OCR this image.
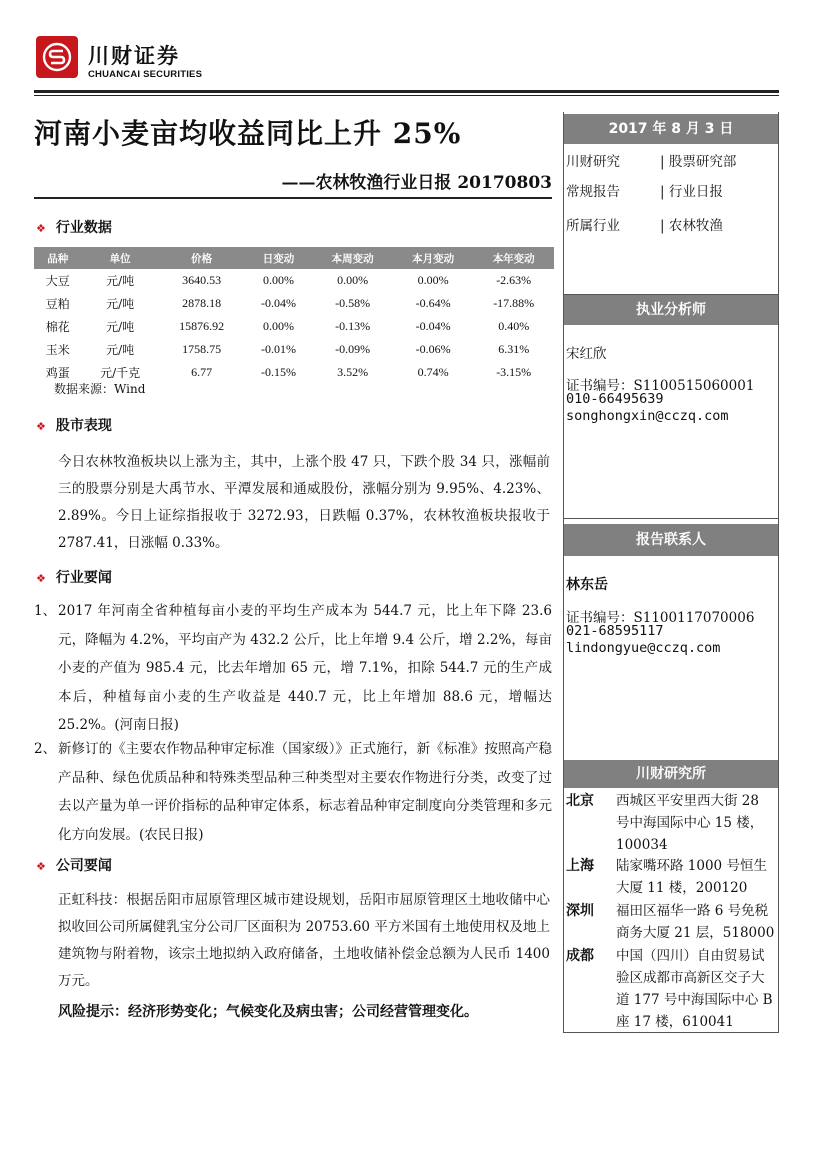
川财证券
CHUANCAI SECURITIES
河南小麦亩均收益同比上升 25%
——农林牧渔行业日报 20170803
2017 年 8 月 3 日
川财研究	| 股票研究部
常规报告	| 行业日报
所属行业	| 农林牧渔
执业分析师
宋红欣
证书编号：S1100515060001
010-66495639
songhongxin@cczq.com
报告联系人
林东岳
证书编号：S1100117070006
021-68595117
lindongyue@cczq.com
川财研究所
北京 西城区平安里西大街 28 号中海国际中心 15 楼，100034
上海 陆家嘴环路 1000 号恒生大厦 11 楼，200120
深圳 福田区福华一路 6 号免税商务大厦 21 层，518000
成都 中国（四川）自由贸易试验区成都市高新区交子大道 177 号中海国际中心 B 座 17 楼，610041
❖ 行业数据
品种	单位	价格	日变动	本周变动	本月变动	本年变动
大豆	元/吨	3640.53	0.00%	0.00%	0.00%	-2.63%
豆粕	元/吨	2878.18	-0.04%	-0.58%	-0.64%	-17.88%
棉花	元/吨	15876.92	0.00%	-0.13%	-0.04%	0.40%
玉米	元/吨	1758.75	-0.01%	-0.09%	-0.06%	6.31%
鸡蛋	元/千克	6.77	-0.15%	3.52%	0.74%	-3.15%
数据来源：Wind
❖ 股市表现
今日农林牧渔板块以上涨为主，其中，上涨个股 47 只，下跌个股 34 只，涨幅前三的股票分别是大禹节水、平潭发展和通威股份，涨幅分别为 9.95%、4.23%、2.89%。今日上证综指报收于 3272.93，日跌幅 0.37%，农林牧渔板块报收于 2787.41，日涨幅 0.33%。
❖ 行业要闻
1、 2017 年河南全省种植每亩小麦的平均生产成本为 544.7 元，比上年下降 23.6 元，降幅为 4.2%，平均亩产为 432.2 公斤，比上年增 9.4 公斤，增 2.2%，每亩小麦的产值为 985.4 元，比去年增加 65 元，增 7.1%，扣除 544.7 元的生产成本后，种植每亩小麦的生产收益是 440.7 元，比上年增加 88.6 元，增幅达 25.2%。(河南日报)
2、 新修订的《主要农作物品种审定标准（国家级）》正式施行，新《标准》按照高产稳产品种、绿色优质品种和特殊类型品种三种类型对主要农作物进行分类，改变了过去以产量为单一评价指标的品种审定体系，标志着品种审定制度向分类管理和多元化方向发展。(农民日报)
❖ 公司要闻
正虹科技：根据岳阳市屈原管理区城市建设规划，岳阳市屈原管理区土地收储中心拟收回公司所属健乳宝分公司厂区面积为 20753.60 平方米国有土地使用权及地上建筑物与附着物，该宗土地拟纳入政府储备，土地收储补偿金总额为人民币 1400 万元。
风险提示：经济形势变化；气候变化及病虫害；公司经营管理变化。
